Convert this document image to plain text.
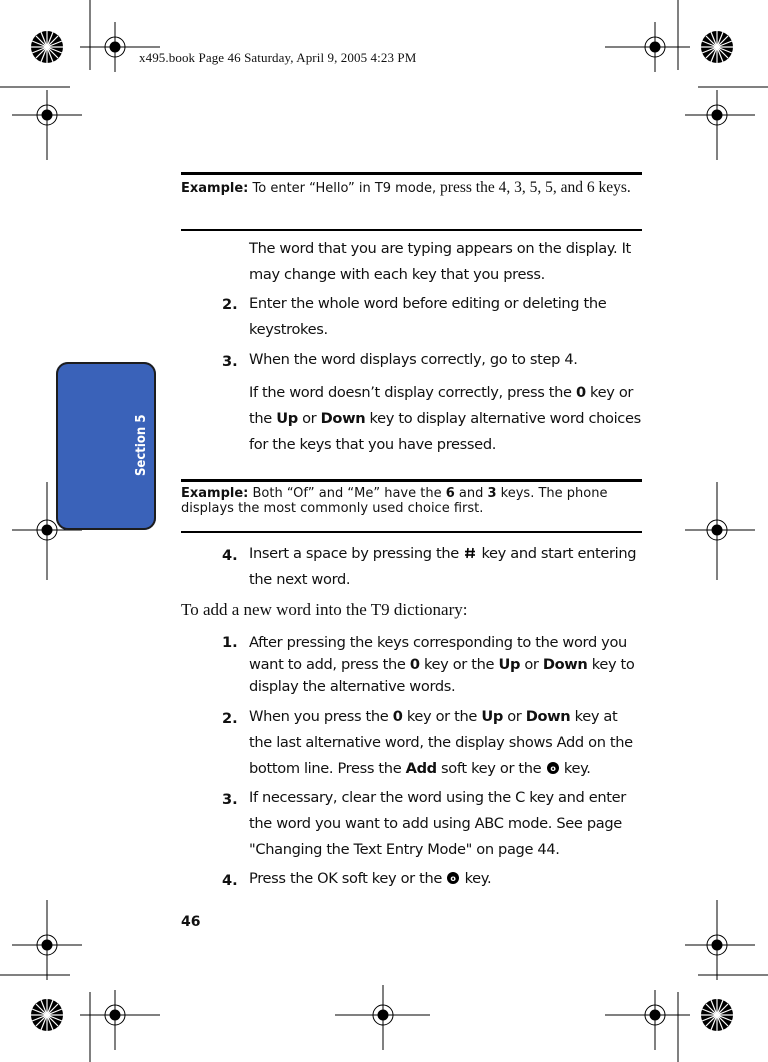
x495.book Page 46 Saturday, April 9, 2005 4:23 PM
Section 5
Example: To enter “Hello” in T9 mode, press the 4, 3, 5, 5, and 6 keys.
The word that you are typing appears on the display. It may change with each key that you press.
2. Enter the whole word before editing or deleting the keystrokes.
3. When the word displays correctly, go to step 4.
If the word doesn’t display correctly, press the 0 key or the Up or Down key to display alternative word choices for the keys that you have pressed.
Example: Both “Of” and “Me” have the 6 and 3 keys. The phone displays the most commonly used choice first.
4. Insert a space by pressing the  key and start entering the next word.
To add a new word into the T9 dictionary:
1. After pressing the keys corresponding to the word you want to add, press the 0 key or the Up or Down key to display the alternative words.
2. When you press the 0 key or the Up or Down key at the last alternative word, the display shows Add on the bottom line. Press the Add soft key or the o key.
3. If necessary, clear the word using the C key and enter the word you want to add using ABC mode. See page "Changing the Text Entry Mode" on page 44.
4. Press the OK soft key or the o key.
46
